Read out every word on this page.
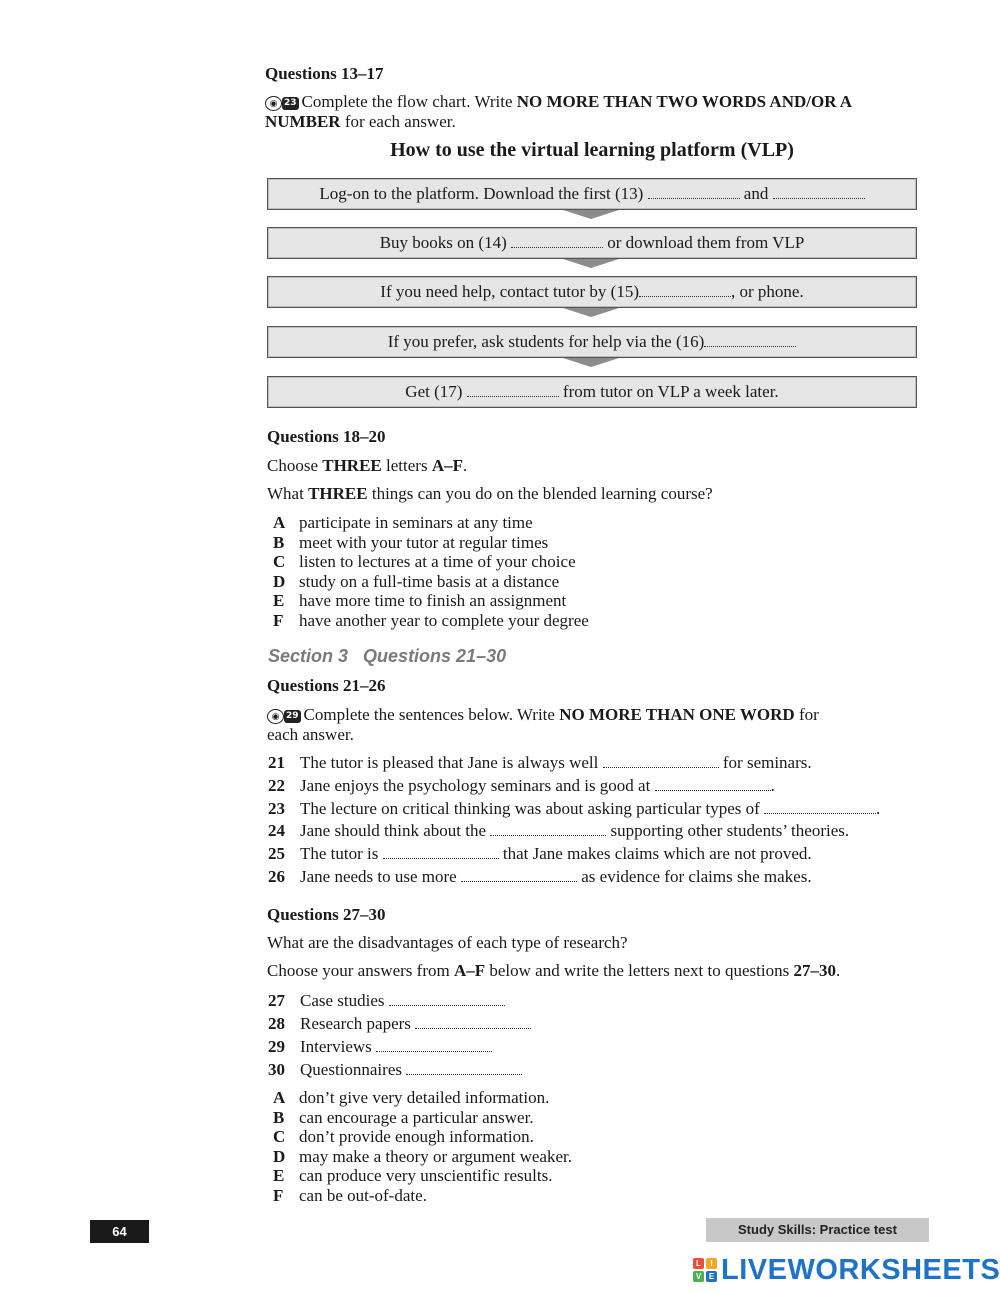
Questions 13–17
◉ 23 Complete the flow chart. Write NO MORE THAN TWO WORDS AND/OR A
NUMBER for each answer.
How to use the virtual learning platform (VLP)
Log-on to the platform. Download the first (13)	and
Buy books on (14)	or download them from VLP
If you need help, contact tutor by (15)	, or phone.
If you prefer, ask students for help via the (16)
Get (17)	from tutor on VLP a week later.
Questions 18–20
Choose THREE letters A–F.
What THREE things can you do on the blended learning course?
A participate in seminars at any time
B meet with your tutor at regular times
C listen to lectures at a time of your choice
D study on a full-time basis at a distance
E have more time to finish an assignment
F have another year to complete your degree
Section 3 Questions 21–30
Questions 21–26
◉ 29 Complete the sentences below. Write NO MORE THAN ONE WORD for
each answer.
21 The tutor is pleased that Jane is always well	for seminars.
22 Jane enjoys the psychology seminars and is good at	.
23 The lecture on critical thinking was about asking particular types of	.
24 Jane should think about the	supporting other students’ theories.
25 The tutor is	that Jane makes claims which are not proved.
26 Jane needs to use more	as evidence for claims she makes.
Questions 27–30
What are the disadvantages of each type of research?
Choose your answers from A–F below and write the letters next to questions 27–30.
27 Case studies
28 Research papers
29 Interviews
30 Questionnaires
A don’t give very detailed information.
B can encourage a particular answer.
C don’t provide enough information.
D may make a theory or argument weaker.
E can produce very unscientific results.
F can be out-of-date.
64	Study Skills: Practice test
L	I
V E LIVEWORKSHEETS
